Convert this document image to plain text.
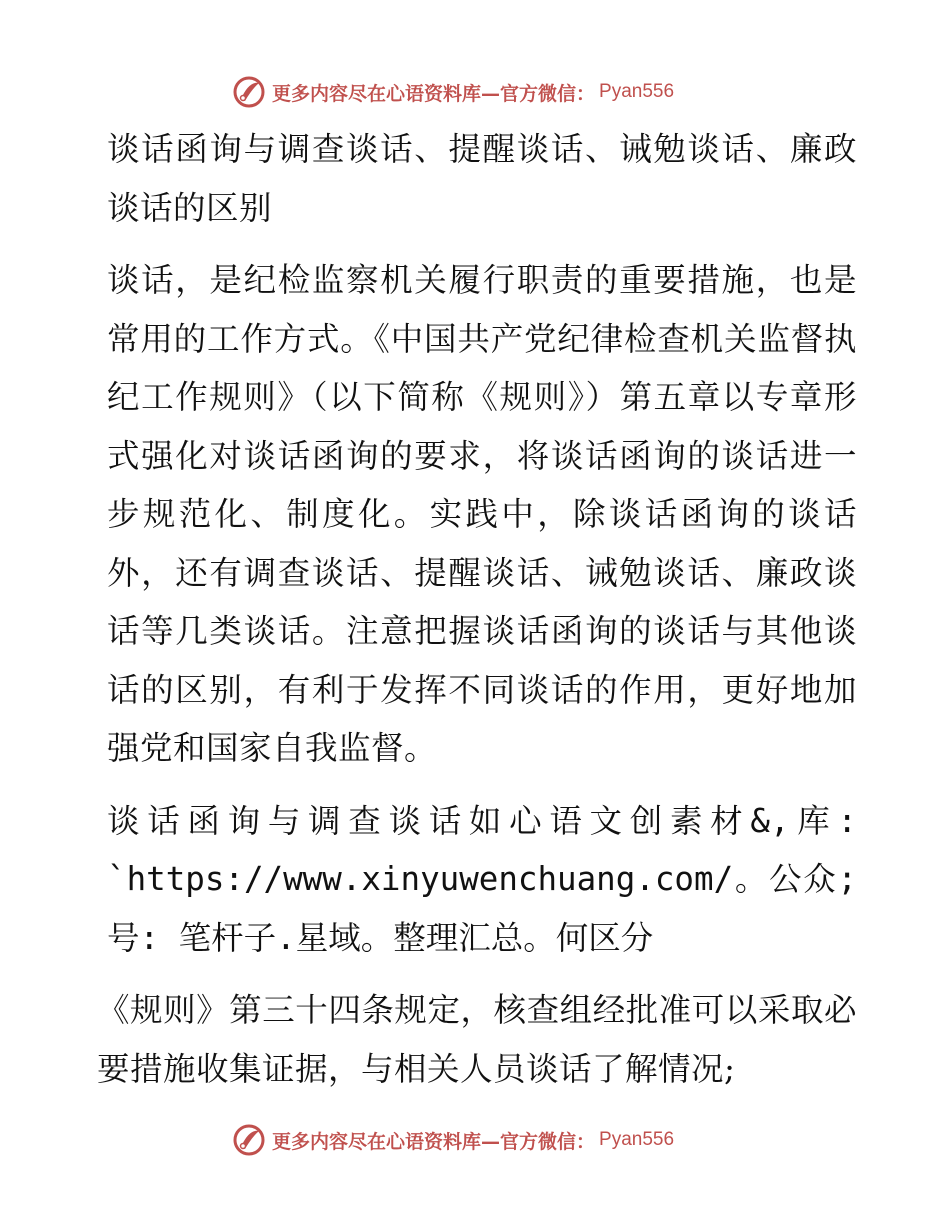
更多内容尽在心语资料库—官方微信： Pyan556

谈话函询与调查谈话、提醒谈话、诫勉谈话、廉政谈话的区别

谈话，是纪检监察机关履行职责的重要措施，也是常用的工作方式。《中国共产党纪律检查机关监督执纪工作规则》（以下简称《规则》）第五章以专章形式强化对谈话函询的要求，将谈话函询的谈话进一步规范化、制度化。实践中，除谈话函询的谈话外，还有调查谈话、提醒谈话、诫勉谈话、廉政谈话等几类谈话。注意把握谈话函询的谈话与其他谈话的区别，有利于发挥不同谈话的作用，更好地加强党和国家自我监督。

谈话函询与调查谈话如心语文创素材&,库: `https://www.xinyuwenchuang.com/。公众;号: 笔杆子.星域。整理汇总。何区分

《规则》第三十四条规定，核查组经批准可以采取必要措施收集证据，与相关人员谈话了解情况;

更多内容尽在心语资料库—官方微信： Pyan556
